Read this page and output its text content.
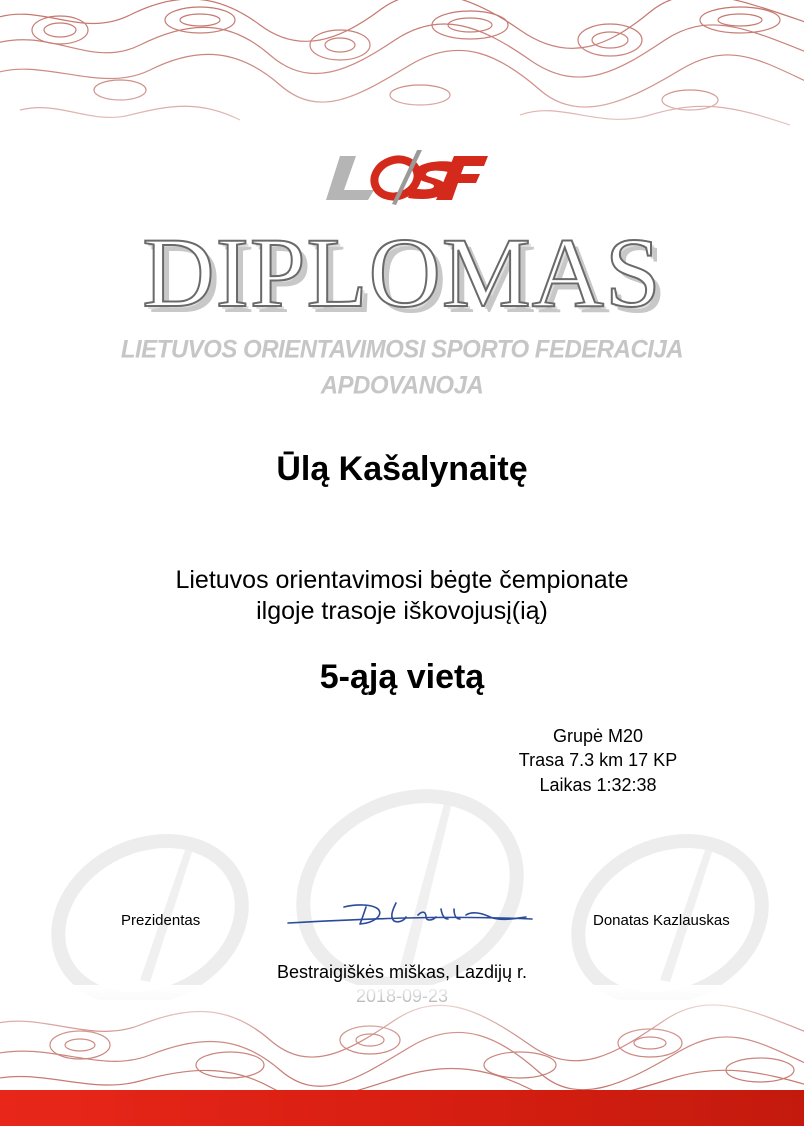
DIPLOMAS
LIETUVOS ORIENTAVIMOSI SPORTO FEDERACIJA
APDOVANOJA
Ūlą Kašalynaitę
Lietuvos orientavimosi bėgte čempionate
ilgoje trasoje iškovojusį(ią)
5-ąją vietą
Grupė M20
Trasa 7.3 km 17 KP
Laikas 1:32:38
Prezidentas	Donatas Kazlauskas
Bestraigiškės miškas, Lazdijų r.
